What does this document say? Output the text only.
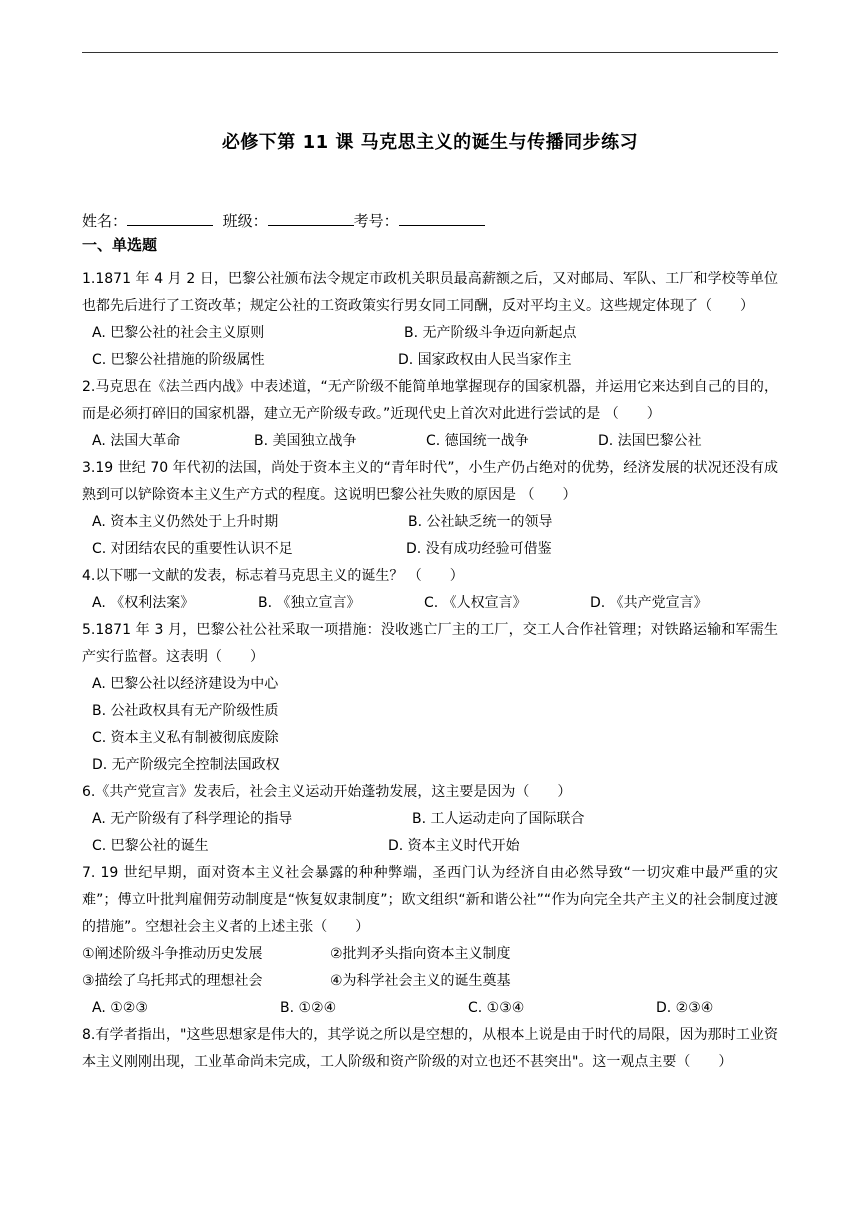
必修下第 11 课 马克思主义的诞生与传播同步练习
姓名：	班级：	考号：
一、单选题

1.1871 年 4 月 2 日，巴黎公社颁布法令规定市政机关职员最高薪额之后，又对邮局、军队、工厂和学校等单位也都先后进行了工资改革；规定公社的工资政策实行男女同工同酬，反对平均主义。这些规定体现了（　　）

A. 巴黎公社的社会主义原则	B. 无产阶级斗争迈向新起点
C. 巴黎公社措施的阶级属性	D. 国家政权由人民当家作主

2.马克思在《法兰西内战》中表述道，“无产阶级不能简单地掌握现存的国家机器，并运用它来达到自己的目的，而是必须打碎旧的国家机器，建立无产阶级专政。”近现代史上首次对此进行尝试的是 （　　）

A. 法国大革命	B. 美国独立战争	C. 德国统一战争	D. 法国巴黎公社

3.19 世纪 70 年代初的法国，尚处于资本主义的“青年时代”，小生产仍占绝对的优势，经济发展的状况还没有成熟到可以铲除资本主义生产方式的程度。这说明巴黎公社失败的原因是 （　　）

A. 资本主义仍然处于上升时期	B. 公社缺乏统一的领导
C. 对团结农民的重要性认识不足	D. 没有成功经验可借鉴

4.以下哪一文献的发表，标志着马克思主义的诞生？ （　　）

A. 《权利法案》	B. 《独立宣言》	C. 《人权宣言》	D. 《共产党宣言》

5.1871 年 3 月，巴黎公社公社采取一项措施：没收逃亡厂主的工厂，交工人合作社管理；对铁路运输和军需生产实行监督。这表明（　　）

A. 巴黎公社以经济建设为中心
B. 公社政权具有无产阶级性质
C. 资本主义私有制被彻底废除
D. 无产阶级完全控制法国政权

6.《共产党宣言》发表后，社会主义运动开始蓬勃发展，这主要是因为（　　）

A. 无产阶级有了科学理论的指导	B. 工人运动走向了国际联合
C. 巴黎公社的诞生	D. 资本主义时代开始

7. 19 世纪早期，面对资本主义社会暴露的种种弊端，圣西门认为经济自由必然导致“一切灾难中最严重的灾难”；傅立叶批判雇佣劳动制度是“恢复奴隶制度”；欧文组织“新和谐公社”“作为向完全共产主义的社会制度过渡的措施”。空想社会主义者的上述主张（　　）

①阐述阶级斗争推动历史发展	②批判矛头指向资本主义制度
③描绘了乌托邦式的理想社会	④为科学社会主义的诞生奠基
A. ①②③	B. ①②④	C. ①③④	D. ②③④

8.有学者指出，"这些思想家是伟大的，其学说之所以是空想的，从根本上说是由于时代的局限，因为那时工业资本主义刚刚出现，工业革命尚未完成，工人阶级和资产阶级的对立也还不甚突出"。这一观点主要（　　）
